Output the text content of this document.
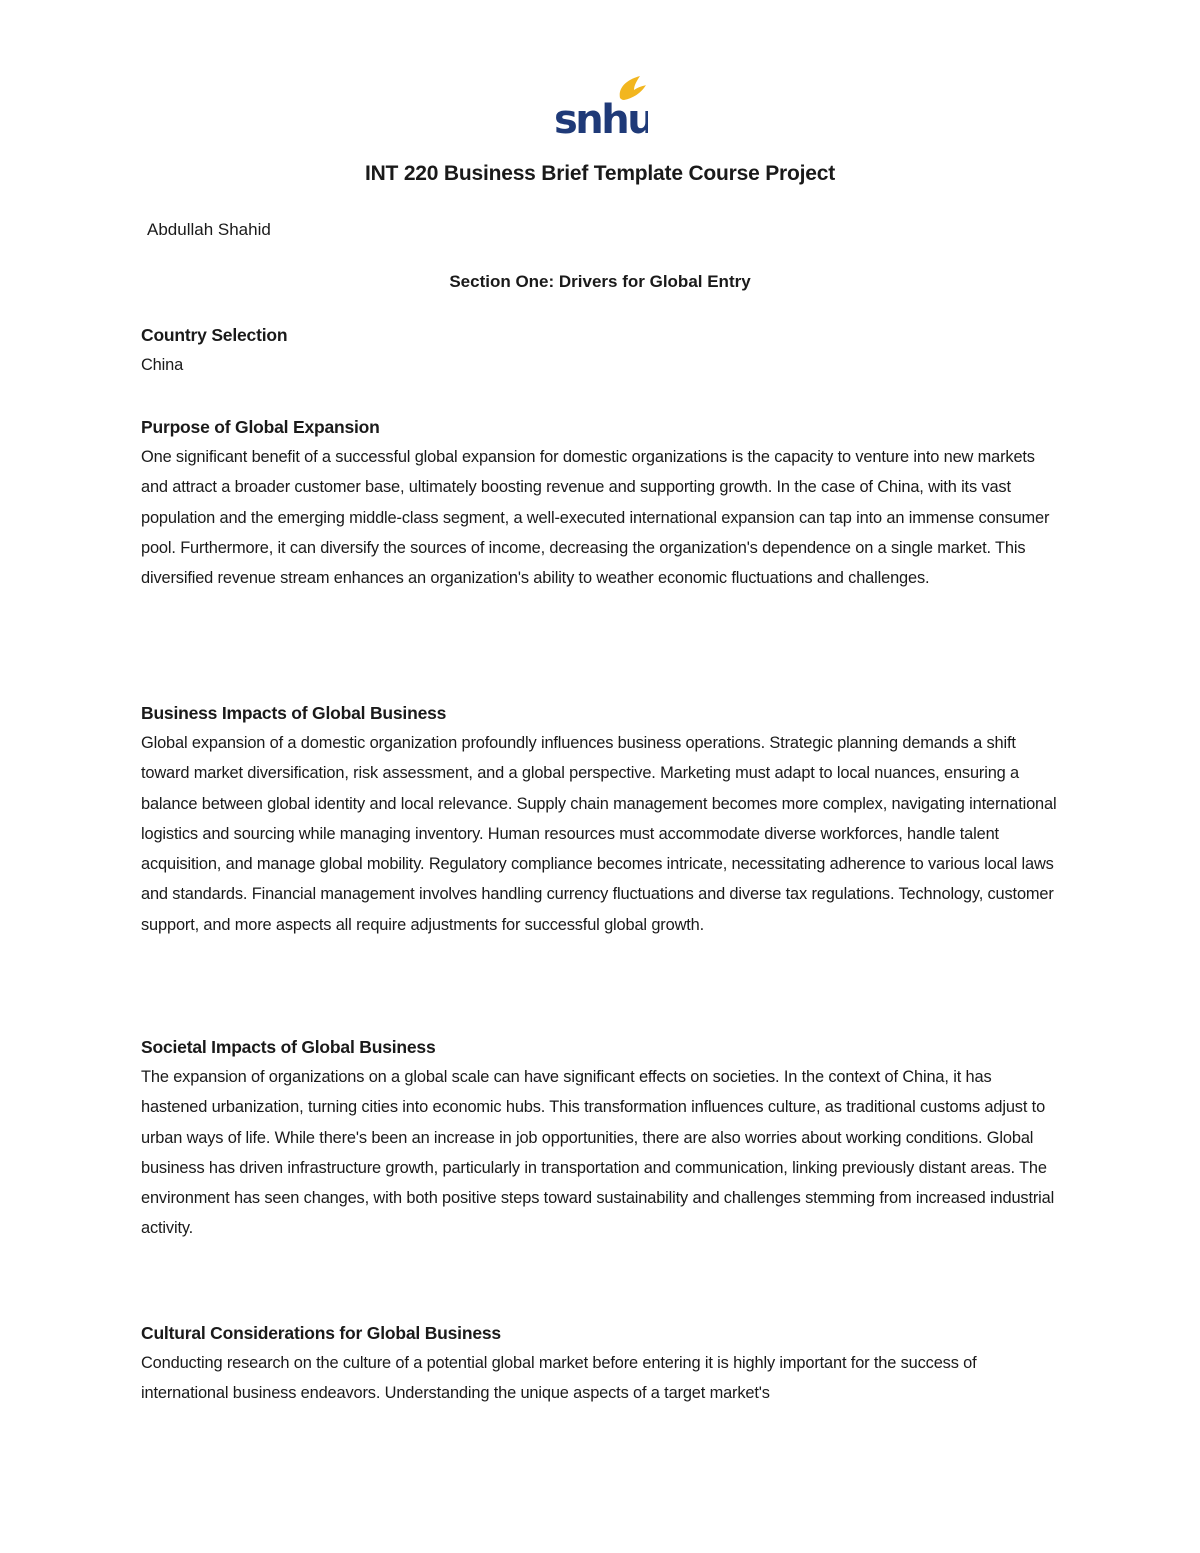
snhu
INT 220 Business Brief Template Course Project

Abdullah Shahid

Section One: Drivers for Global Entry

Country Selection

China

Purpose of Global Expansion

One significant benefit of a successful global expansion for domestic organizations is the capacity to venture into new markets and attract a broader customer base, ultimately boosting revenue and supporting growth. In the case of China, with its vast population and the emerging middle-class segment, a well-executed international expansion can tap into an immense consumer pool. Furthermore, it can diversify the sources of income, decreasing the organization's dependence on a single market. This diversified revenue stream enhances an organization's ability to weather economic fluctuations and challenges.

Business Impacts of Global Business

Global expansion of a domestic organization profoundly influences business operations. Strategic planning demands a shift toward market diversification, risk assessment, and a global perspective. Marketing must adapt to local nuances, ensuring a balance between global identity and local relevance. Supply chain management becomes more complex, navigating international logistics and sourcing while managing inventory. Human resources must accommodate diverse workforces, handle talent acquisition, and manage global mobility. Regulatory compliance becomes intricate, necessitating adherence to various local laws and standards. Financial management involves handling currency fluctuations and diverse tax regulations. Technology, customer support, and more aspects all require adjustments for successful global growth.

Societal Impacts of Global Business

The expansion of organizations on a global scale can have significant effects on societies. In the context of China, it has hastened urbanization, turning cities into economic hubs. This transformation influences culture, as traditional customs adjust to urban ways of life. While there's been an increase in job opportunities, there are also worries about working conditions. Global business has driven infrastructure growth, particularly in transportation and communication, linking previously distant areas. The environment has seen changes, with both positive steps toward sustainability and challenges stemming from increased industrial activity.

Cultural Considerations for Global Business

Conducting research on the culture of a potential global market before entering it is highly important for the success of international business endeavors. Understanding the unique aspects of a target market's
